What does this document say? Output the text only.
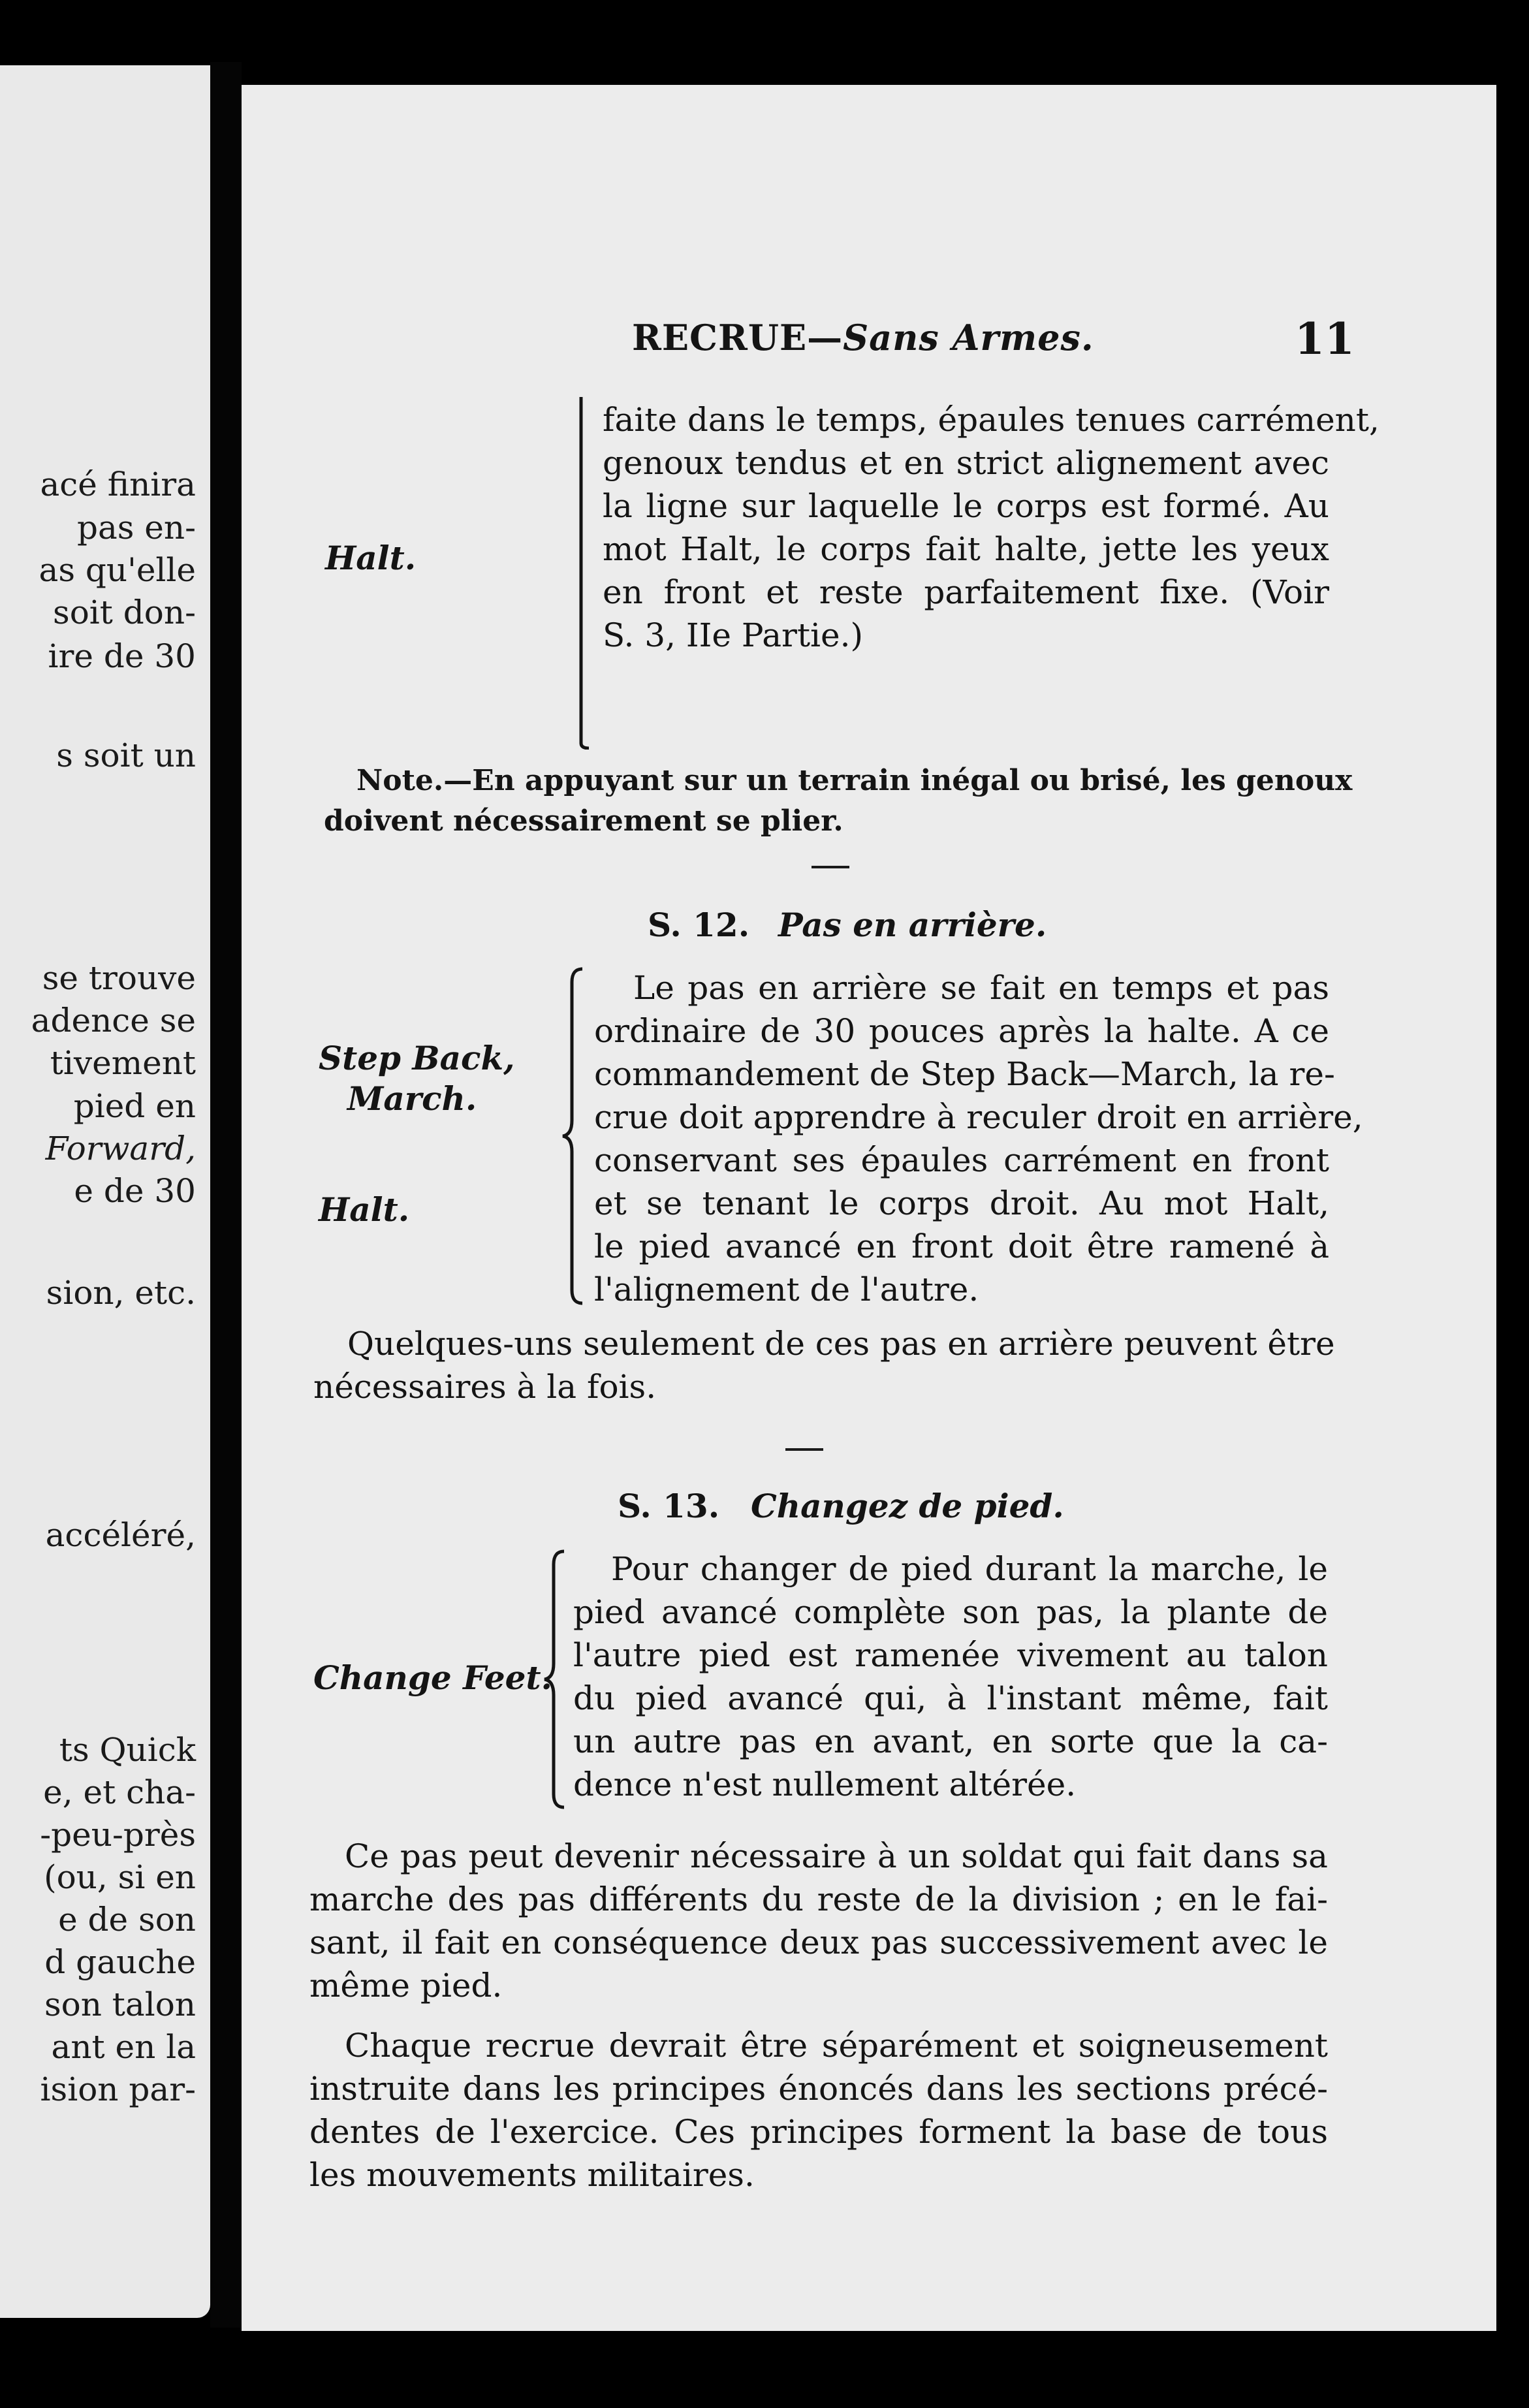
acé finira
pas en-
as qu'elle
soit don-
ire de 30
s soit un
se trouve
adence se
tivement
pied en
Forward,
e de 30
sion, etc.
accéléré,
ts Quick
e, et cha-
-peu-près
(ou, si en
e de son
d gauche
son talon
ant en la
ision par-
RECRUE—Sans Armes.	11
Halt.
faite dans le temps, épaules tenues carrément,
genoux tendus et en strict alignement avec
la ligne sur laquelle le corps est formé. Au
mot Halt, le corps fait halte, jette les yeux
en front et reste parfaitement fixe. (Voir
S. 3, IIe Partie.)
Note.—En appuyant sur un terrain inégal ou brisé, les genoux
doivent nécessairement se plier.
S. 12. Pas en arrière.
Step Back,
March.
Halt.
Le pas en arrière se fait en temps et pas
ordinaire de 30 pouces après la halte. A ce
commandement de Step Back—March, la re-
crue doit apprendre à reculer droit en arrière,
conservant ses épaules carrément en front
et se tenant le corps droit. Au mot Halt,
le pied avancé en front doit être ramené à
l'alignement de l'autre.
Quelques-uns seulement de ces pas en arrière peuvent être
nécessaires à la fois.
S. 13. Changez de pied.
Change Feet.
Pour changer de pied durant la marche, le
pied avancé complète son pas, la plante de
l'autre pied est ramenée vivement au talon
du pied avancé qui, à l'instant même, fait
un autre pas en avant, en sorte que la ca-
dence n'est nullement altérée.
Ce pas peut devenir nécessaire à un soldat qui fait dans sa
marche des pas différents du reste de la division ; en le fai-
sant, il fait en conséquence deux pas successivement avec le
même pied.
Chaque recrue devrait être séparément et soigneusement
instruite dans les principes énoncés dans les sections précé-
dentes de l'exercice. Ces principes forment la base de tous
les mouvements militaires.
